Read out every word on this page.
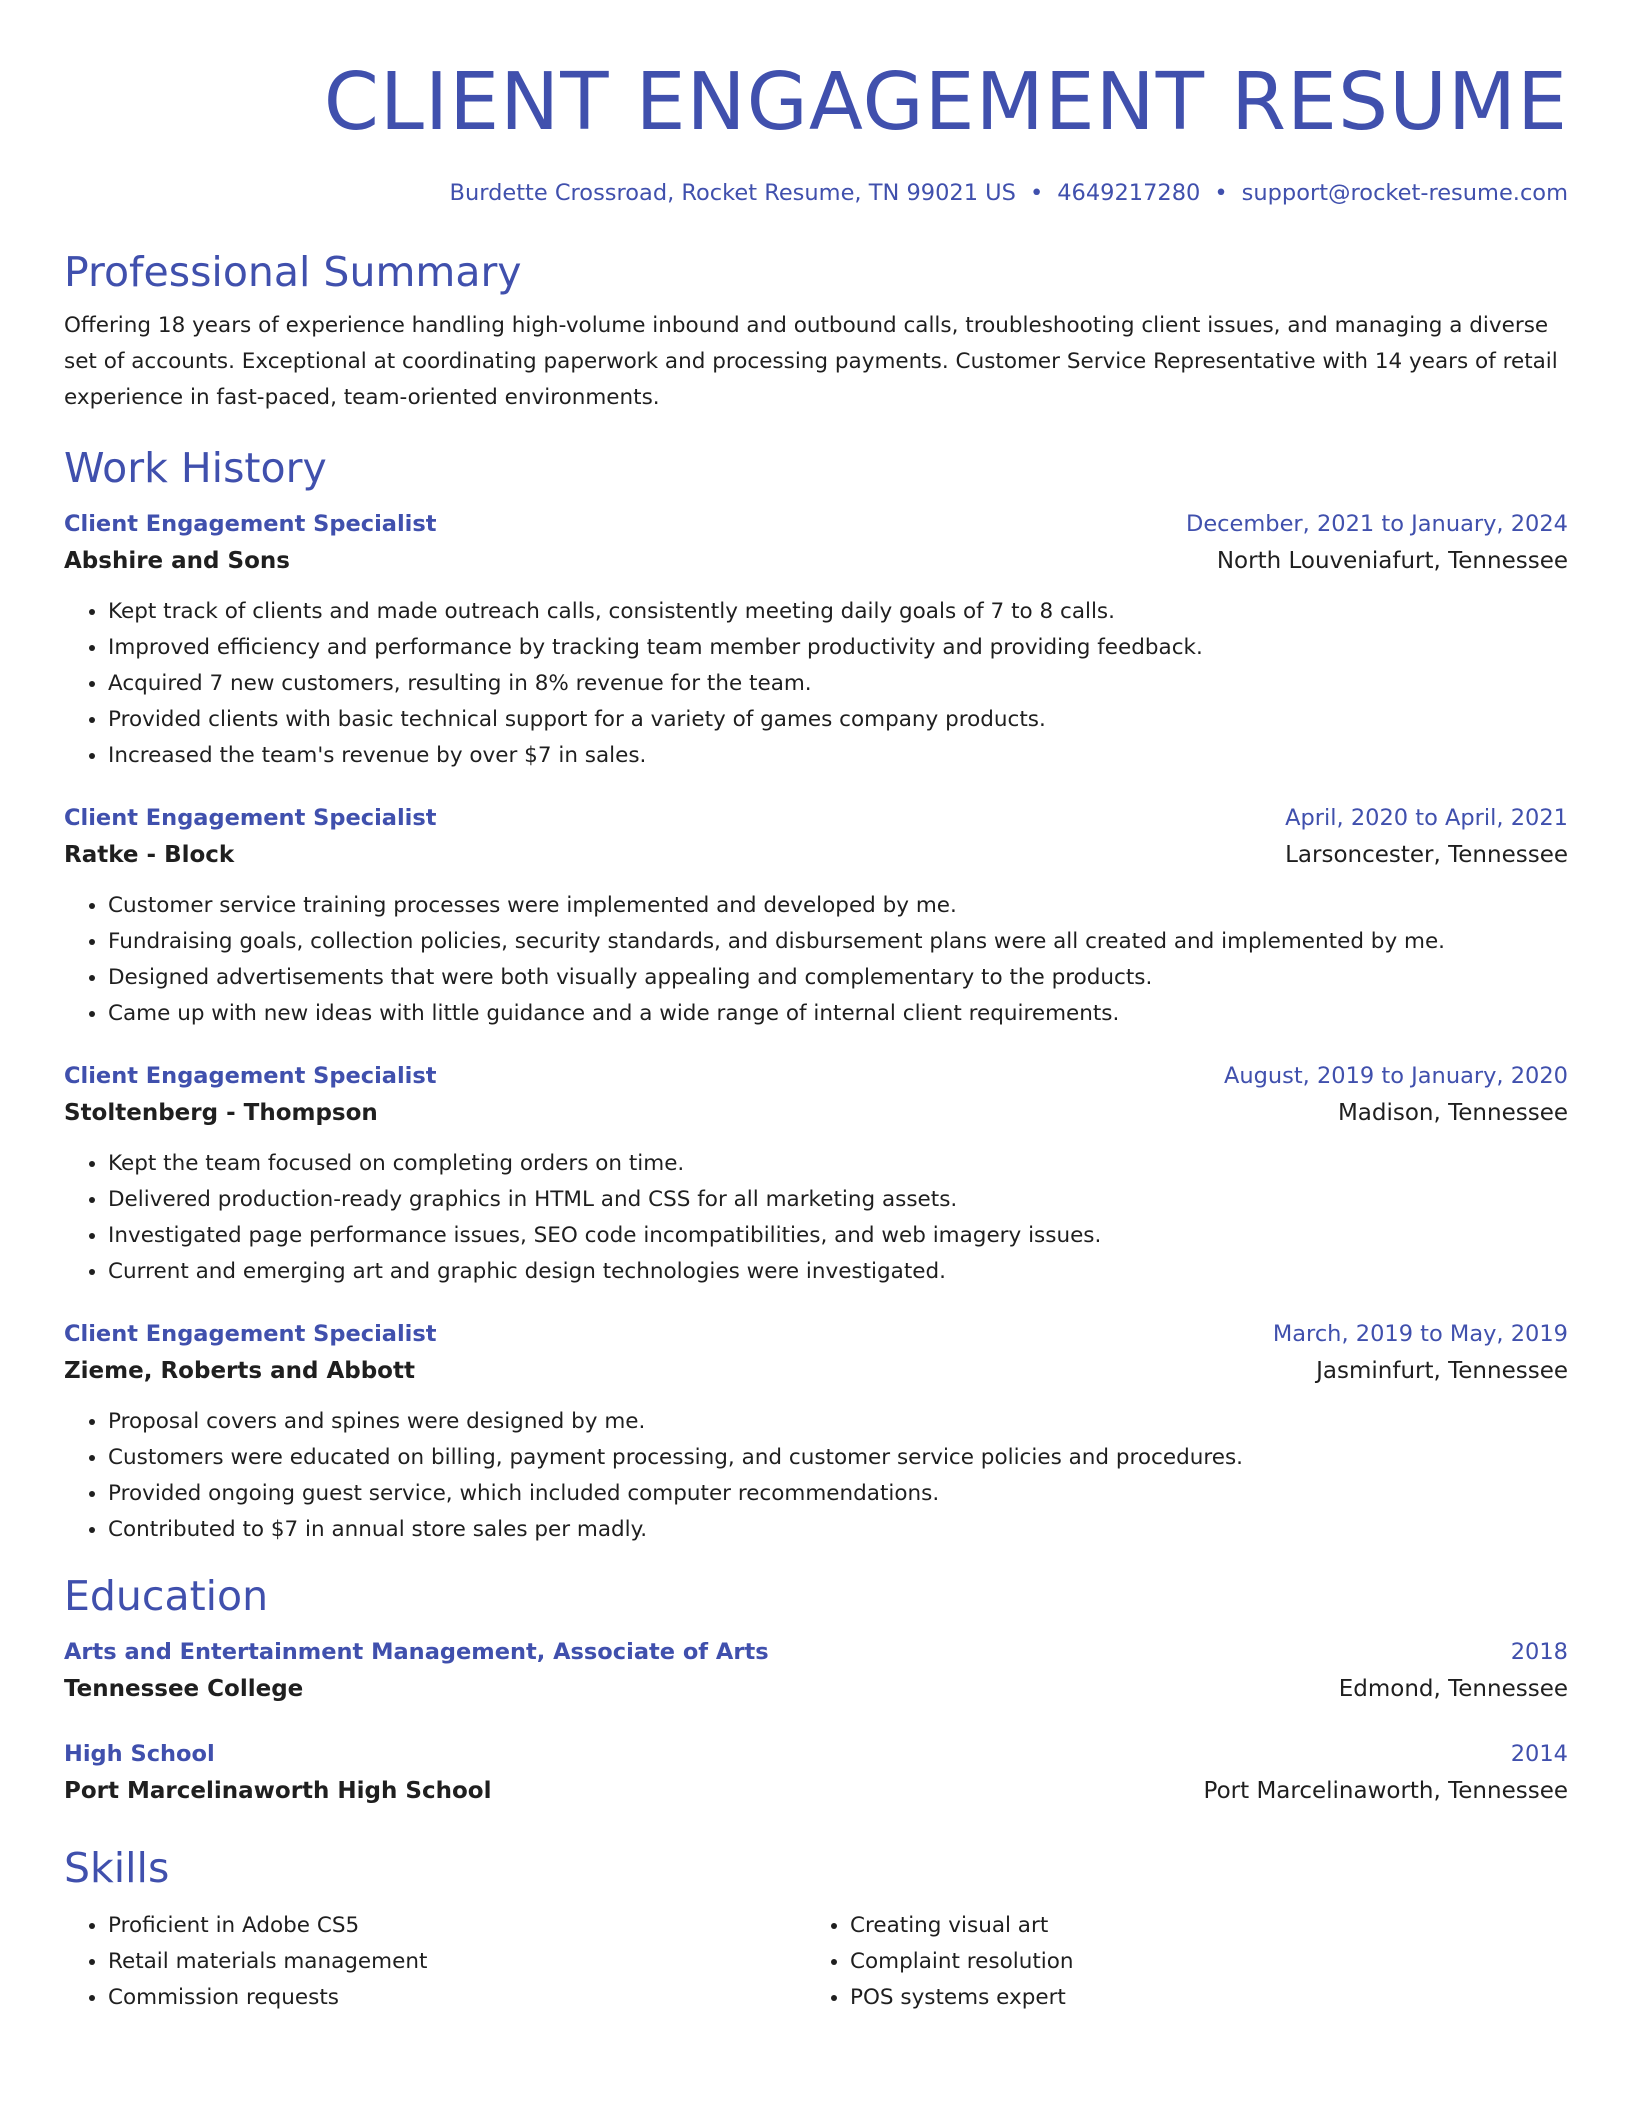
CLIENT ENGAGEMENT RESUME
Burdette Crossroad, Rocket Resume, TN 99021 US • 4649217280 • support@rocket-resume.com
Professional Summary

Offering 18 years of experience handling high-volume inbound and outbound calls, troubleshooting client issues, and managing a diverse set of accounts. Exceptional at coordinating paperwork and processing payments. Customer Service Representative with 14 years of retail experience in fast-paced, team-oriented environments.

Work History
Client Engagement Specialist	December, 2021 to January, 2024
Abshire and Sons	North Louveniafurt, Tennessee
• Kept track of clients and made outreach calls, consistently meeting daily goals of 7 to 8 calls.
• Improved efficiency and performance by tracking team member productivity and providing feedback.
• Acquired 7 new customers, resulting in 8% revenue for the team.
• Provided clients with basic technical support for a variety of games company products.
• Increased the team's revenue by over $7 in sales.
Client Engagement Specialist	April, 2020 to April, 2021
Ratke - Block	Larsoncester, Tennessee
• Customer service training processes were implemented and developed by me.
• Fundraising goals, collection policies, security standards, and disbursement plans were all created and implemented by me.
• Designed advertisements that were both visually appealing and complementary to the products.
• Came up with new ideas with little guidance and a wide range of internal client requirements.
Client Engagement Specialist	August, 2019 to January, 2020
Stoltenberg - Thompson	Madison, Tennessee
• Kept the team focused on completing orders on time.
• Delivered production-ready graphics in HTML and CSS for all marketing assets.
• Investigated page performance issues, SEO code incompatibilities, and web imagery issues.
• Current and emerging art and graphic design technologies were investigated.
Client Engagement Specialist	March, 2019 to May, 2019
Zieme, Roberts and Abbott	Jasminfurt, Tennessee
• Proposal covers and spines were designed by me.
• Customers were educated on billing, payment processing, and customer service policies and procedures.
• Provided ongoing guest service, which included computer recommendations.
• Contributed to $7 in annual store sales per madly.
Education
Arts and Entertainment Management, Associate of Arts	2018
Tennessee College	Edmond, Tennessee
High School	2014
Port Marcelinaworth High School	Port Marcelinaworth, Tennessee
Skills
• Proficient in Adobe CS5
• Retail materials management
• Commission requests
• Creating visual art
• Complaint resolution
• POS systems expert
